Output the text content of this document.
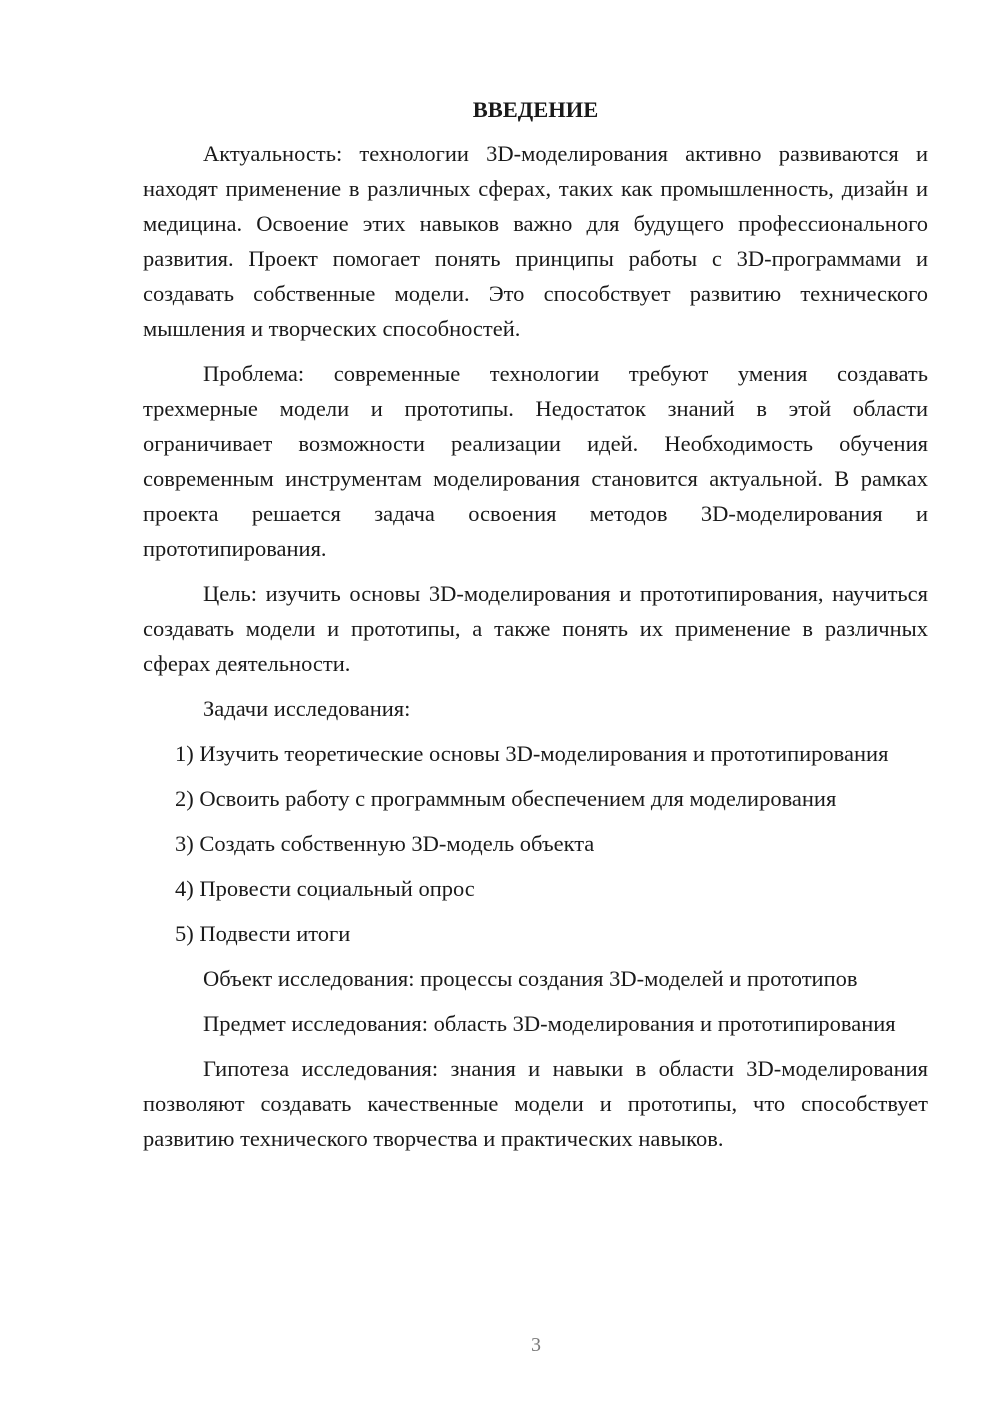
ВВЕДЕНИЕ

Актуальность: технологии 3D-моделирования активно развиваются и находят применение в различных сферах, таких как промышленность, дизайн и медицина. Освоение этих навыков важно для будущего профессионального развития. Проект помогает понять принципы работы с 3D-программами и создавать собственные модели. Это способствует развитию технического мышления и творческих способностей.

Проблема: современные технологии требуют умения создавать трехмерные модели и прототипы. Недостаток знаний в этой области ограничивает возможности реализации идей. Необходимость обучения современным инструментам моделирования становится актуальной. В рамках проекта решается задача освоения методов 3D-моделирования и прототипирования.

Цель: изучить основы 3D-моделирования и прототипирования, научиться создавать модели и прототипы, а также понять их применение в различных сферах деятельности.

Задачи исследования:

1) Изучить теоретические основы 3D-моделирования и прототипирования

2) Освоить работу с программным обеспечением для моделирования

3) Создать собственную 3D-модель объекта

4) Провести социальный опрос

5) Подвести итоги

Объект исследования: процессы создания 3D-моделей и прототипов

Предмет исследования: область 3D-моделирования и прототипирования

Гипотеза исследования: знания и навыки в области 3D-моделирования позволяют создавать качественные модели и прототипы, что способствует развитию технического творчества и практических навыков.

3
